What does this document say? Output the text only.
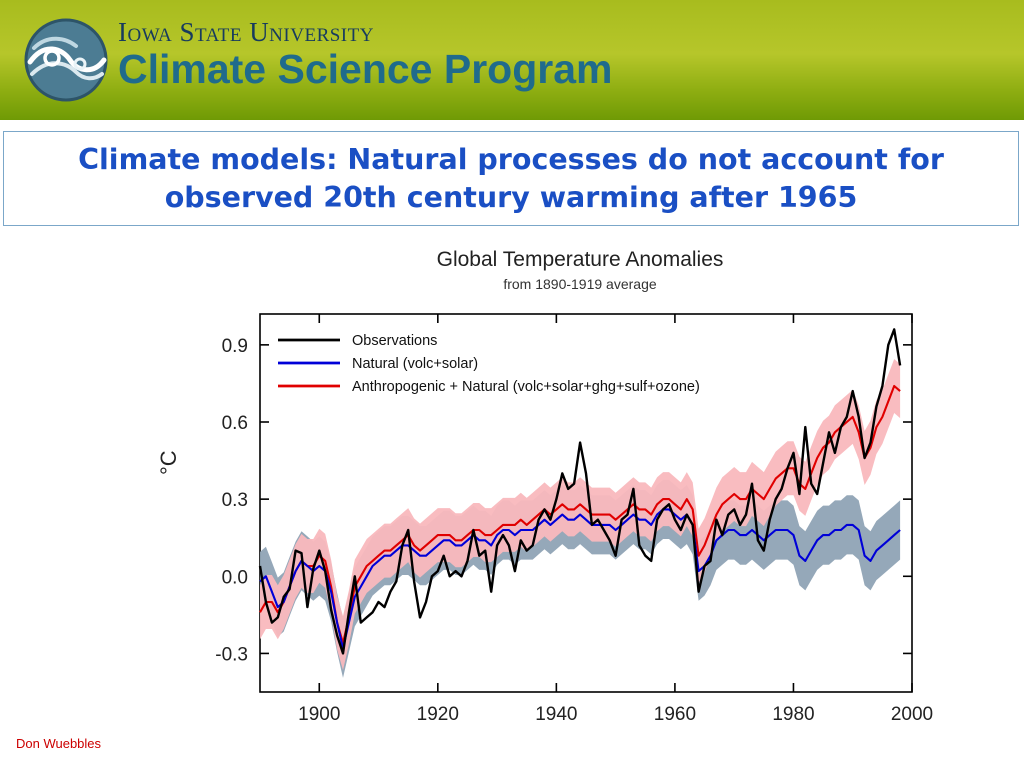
Iowa State University
Climate Science Program
Climate models: Natural processes do not account for
observed 20th century warming after 1965
Global Temperature Anomalies
from 1890-1919 average
°C
-0.3
0.0
0.3
0.6
0.9
1900	1920	1940	1960	1980	2000
Observations
Natural (volc+solar)
Anthropogenic + Natural (volc+solar+ghg+sulf+ozone)
Don Wuebbles
